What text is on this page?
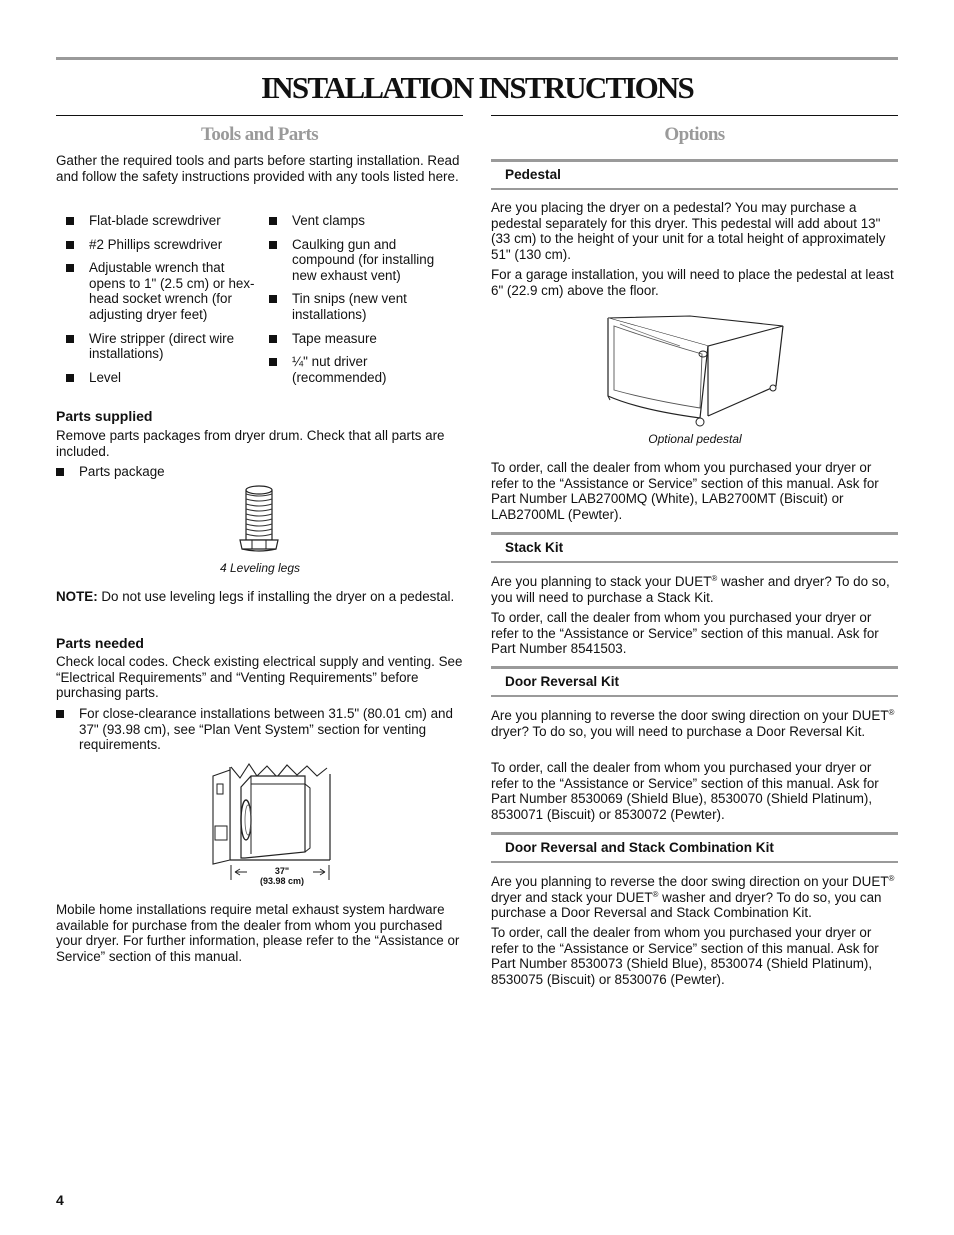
INSTALLATION INSTRUCTIONS
Tools and Parts

Gather the required tools and parts before starting installation. Read and follow the safety instructions provided with any tools listed here.

Flat-blade screwdriver
#2 Phillips screwdriver
Adjustable wrench that opens to 1" (2.5 cm) or hex-head socket wrench (for adjusting dryer feet)
Wire stripper (direct wire installations)
Level
Vent clamps
Caulking gun and compound (for installing new exhaust vent)
Tin snips (new vent installations)
Tape measure
¼" nut driver (recommended)

Parts supplied

Remove parts packages from dryer drum. Check that all parts are included.

Parts package
4 Leveling legs

NOTE: Do not use leveling legs if installing the dryer on a pedestal.

Parts needed

Check local codes. Check existing electrical supply and venting. See “Electrical Requirements” and “Venting Requirements” before purchasing parts.

For close-clearance installations between 31.5" (80.01 cm) and 37" (93.98 cm), see “Plan Vent System” section for venting requirements.
37"
(93.98 cm)

Mobile home installations require metal exhaust system hardware available for purchase from the dealer from whom you purchased your dryer. For further information, please refer to the “Assistance or Service” section of this manual.

Options
Pedestal

Are you placing the dryer on a pedestal? You may purchase a pedestal separately for this dryer. This pedestal will add about 13" (33 cm) to the height of your unit for a total height of approximately 51" (130 cm).

For a garage installation, you will need to place the pedestal at least 6" (22.9 cm) above the floor.

Optional pedestal

To order, call the dealer from whom you purchased your dryer or refer to the “Assistance or Service” section of this manual. Ask for Part Number LAB2700MQ (White), LAB2700MT (Biscuit) or LAB2700ML (Pewter).

Stack Kit

Are you planning to stack your DUET® washer and dryer? To do so, you will need to purchase a Stack Kit.

To order, call the dealer from whom you purchased your dryer or refer to the “Assistance or Service” section of this manual. Ask for Part Number 8541503.

Door Reversal Kit

Are you planning to reverse the door swing direction on your DUET® dryer? To do so, you will need to purchase a Door Reversal Kit.

To order, call the dealer from whom you purchased your dryer or refer to the “Assistance or Service” section of this manual. Ask for Part Number 8530069 (Shield Blue), 8530070 (Shield Platinum), 8530071 (Biscuit) or 8530072 (Pewter).

Door Reversal and Stack Combination Kit

Are you planning to reverse the door swing direction on your DUET® dryer and stack your DUET® washer and dryer? To do so, you can purchase a Door Reversal and Stack Combination Kit.

To order, call the dealer from whom you purchased your dryer or refer to the “Assistance or Service” section of this manual. Ask for Part Number 8530073 (Shield Blue), 8530074 (Shield Platinum), 8530075 (Biscuit) or 8530076 (Pewter).

4
